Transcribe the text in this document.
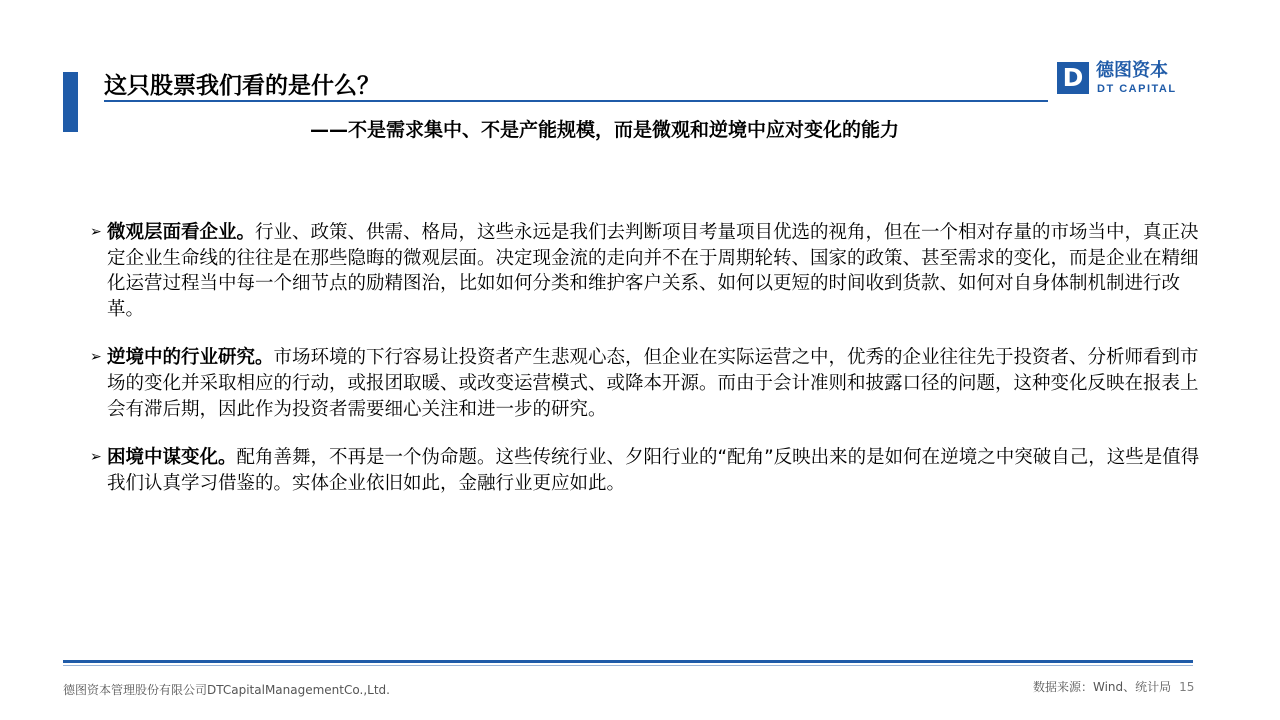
这只股票我们看的是什么？
——不是需求集中、不是产能规模，而是微观和逆境中应对变化的能力
D 德图资本
DT CAPITAL
➢ 微观层面看企业。行业、政策、供需、格局，这些永远是我们去判断项目考量项目优选的视角，但在一个相对存量的市场当中，真正决定企业生命线的往往是在那些隐晦的微观层面。决定现金流的走向并不在于周期轮转、国家的政策、甚至需求的变化，而是企业在精细化运营过程当中每一个细节点的励精图治，比如如何分类和维护客户关系、如何以更短的时间收到货款、如何对自身体制机制进行改革。
➢ 逆境中的行业研究。市场环境的下行容易让投资者产生悲观心态，但企业在实际运营之中，优秀的企业往往先于投资者、分析师看到市场的变化并采取相应的行动，或报团取暖、或改变运营模式、或降本开源。而由于会计准则和披露口径的问题，这种变化反映在报表上会有滞后期，因此作为投资者需要细心关注和进一步的研究。
➢ 困境中谋变化。配角善舞，不再是一个伪命题。这些传统行业、夕阳行业的“配角”反映出来的是如何在逆境之中突破自己，这些是值得我们认真学习借鉴的。实体企业依旧如此，金融行业更应如此。
德图资本管理股份有限公司DTCapitalManagementCo.,Ltd.	数据来源：Wind、统计局 15
